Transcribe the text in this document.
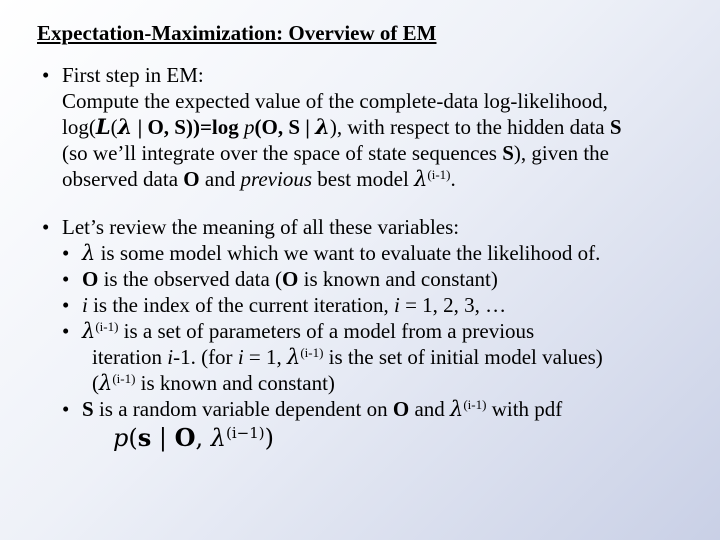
Expectation-Maximization: Overview of EM
• First step in EM:
Compute the expected value of the complete-data log-likelihood,
log(L(λ | O, S))=log p(O, S | λ), with respect to the hidden data S
(so we’ll integrate over the space of state sequences S), given the
observed data O and previous best model $\lambda^{(i-1)}$.
• Let’s review the meaning of all these variables:
• λ is some model which we want to evaluate the likelihood of.
• O is the observed data (O is known and constant)
• i is the index of the current iteration, i = 1, 2, 3, …
• $\lambda^{(i-1)}$ is a set of parameters of a model from a previous
iteration i-1. (for i = 1, $\lambda^{(i-1)}$ is the set of initial model values)
($\lambda^{(i-1)}$ is known and constant)
• S is a random variable dependent on O and $\lambda^{(i-1)}$ with pdf
p(s | O, $\lambda^{(i-1)}$)
